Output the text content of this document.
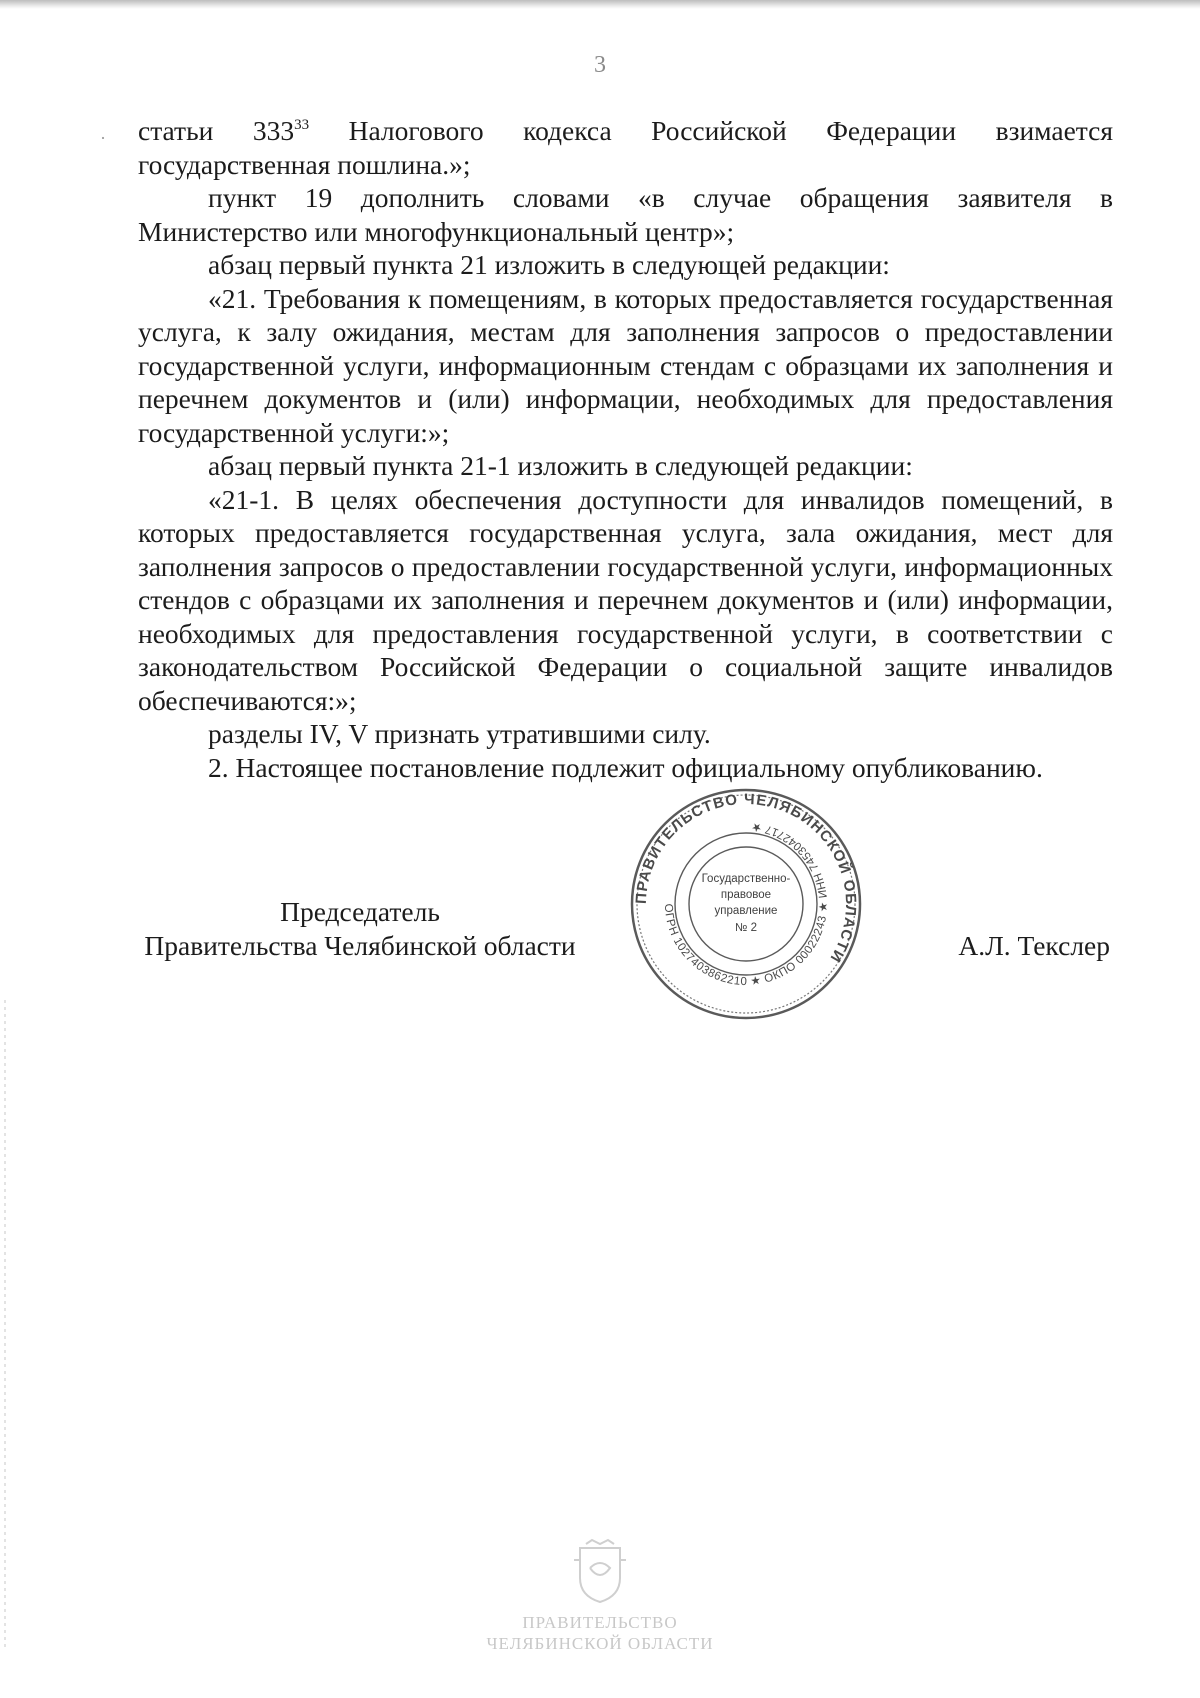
3
· статьи $333^{33}$ Налогового кодекса Российской Федерации взимается государственная пошлина.»;

пункт 19 дополнить словами «в случае обращения заявителя в Министерство или многофункциональный центр»;

абзац первый пункта 21 изложить в следующей редакции:

«21. Требования к помещениям, в которых предоставляется государственная услуга, к залу ожидания, местам для заполнения запросов о предоставлении государственной услуги, информационным стендам с образцами их заполнения и перечнем документов и (или) информации, необходимых для предоставления государственной услуги:»;

абзац первый пункта 21-1 изложить в следующей редакции:

«21-1. В целях обеспечения доступности для инвалидов помещений, в которых предоставляется государственная услуга, зала ожидания, мест для заполнения запросов о предоставлении государственной услуги, информационных стендов с образцами их заполнения и перечнем документов и (или) информации, необходимых для предоставления государственной услуги, в соответствии с законодательством Российской Федерации о социальной защите инвалидов обеспечиваются:»;

разделы IV, V признать утратившими силу.

2. Настоящее постановление подлежит официальному опубликованию.

Председатель
Правительства Челябинской области	А.Л. Текслер
ПРАВИТЕЛЬСТВО ЧЕЛЯБИНСКОЙ ОБЛАСТИ
ОГРН 1027403862210 ★ ОКПО 00022243 ★ ИНН 7453042717 ★
Государственно-
правовое
управление
№ 2
ПРАВИТЕЛЬСТВО
ЧЕЛЯБИНСКОЙ ОБЛАСТИ
